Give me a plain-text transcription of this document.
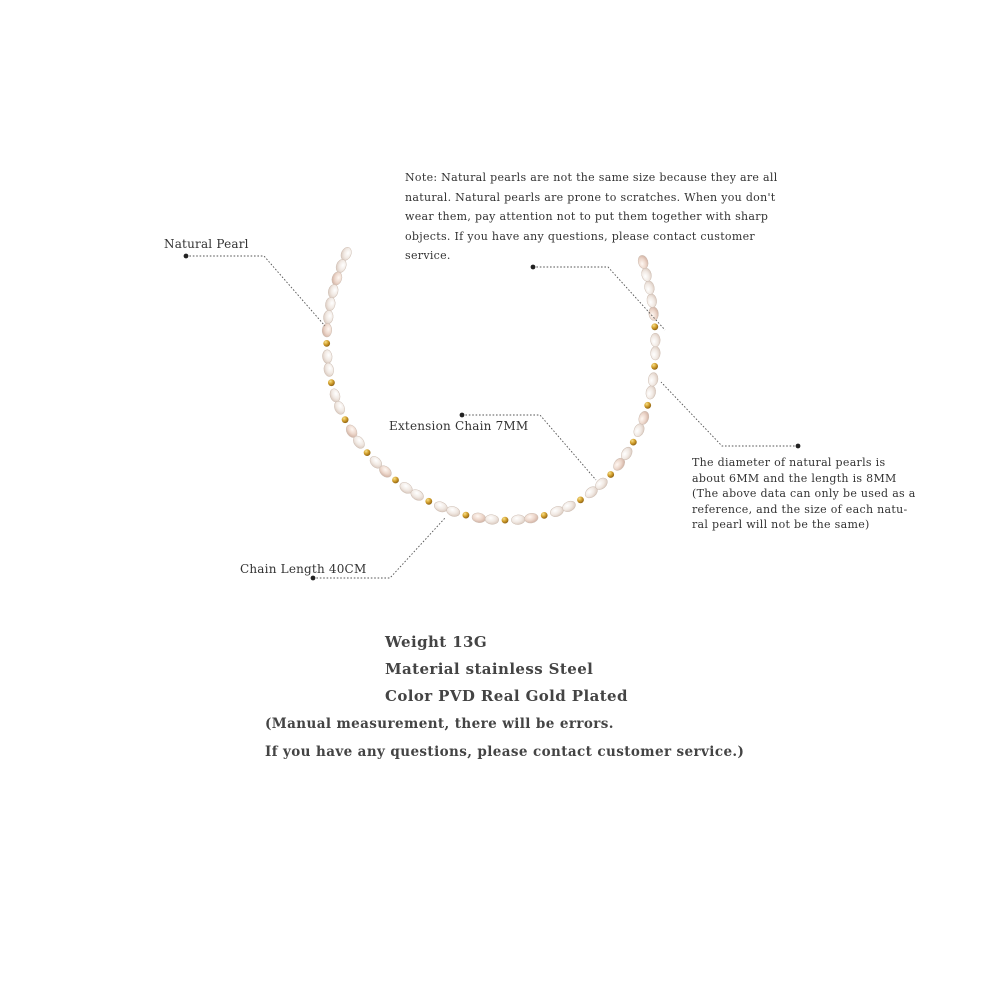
Natural Pearl
Note: Natural pearls are not the same size because they are all
natural. Natural pearls are prone to scratches. When you don't
wear them, pay attention not to put them together with sharp
objects. If you have any questions, please contact customer
service.
Extension Chain 7MM
The diameter of natural pearls is
about 6MM and the length is 8MM
(The above data can only be used as a
reference, and the size of each natu-
ral pearl will not be the same)
Chain Length 40CM
Weight 13G
Material stainless Steel
Color PVD Real Gold Plated
(Manual measurement, there will be errors.
If you have any questions, please contact customer service.)
